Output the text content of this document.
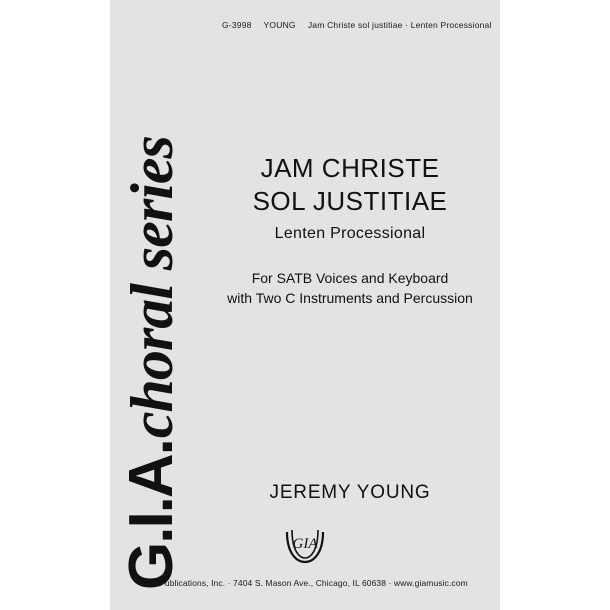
G.I.A.
choral series
G-3998 YOUNG Jam Christe sol justitiae · Lenten Processional
JAM CHRISTE
SOL JUSTITIAE
Lenten Processional
For SATB Voices and Keyboard
with Two C Instruments and Percussion
JEREMY YOUNG
GIA
GIA Publications, Inc. · 7404 S. Mason Ave., Chicago, IL 60638 · www.giamusic.com
